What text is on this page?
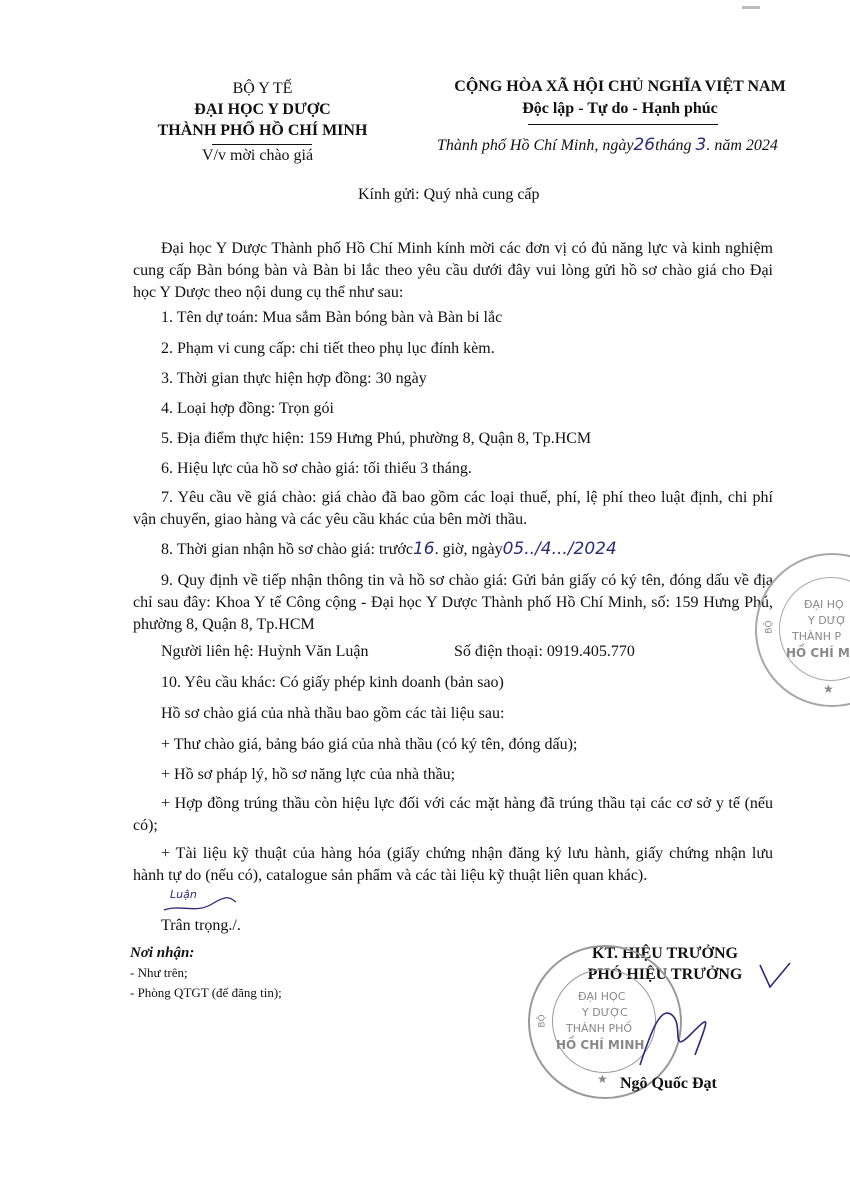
BỘ Y TẾ
ĐẠI HỌC Y DƯỢC
THÀNH PHỐ HỒ CHÍ MINH
V/v mời chào giá
CỘNG HÒA XÃ HỘI CHỦ NGHĨA VIỆT NAM
Độc lập - Tự do - Hạnh phúc
Thành phố Hồ Chí Minh, ngày26tháng 3. năm 2024
Kính gửi: Quý nhà cung cấp
Đại học Y Dược Thành phố Hồ Chí Minh kính mời các đơn vị có đủ năng lực và kinh nghiệm cung cấp Bàn bóng bàn và Bàn bi lắc theo yêu cầu dưới đây vui lòng gửi hồ sơ chào giá cho Đại học Y Dược theo nội dung cụ thể như sau:
1. Tên dự toán: Mua sắm Bàn bóng bàn và Bàn bi lắc
2. Phạm vi cung cấp: chi tiết theo phụ lục đính kèm.
3. Thời gian thực hiện hợp đồng: 30 ngày
4. Loại hợp đồng: Trọn gói
5. Địa điểm thực hiện: 159 Hưng Phú, phường 8, Quận 8, Tp.HCM
6. Hiệu lực của hồ sơ chào giá: tối thiểu 3 tháng.
7. Yêu cầu về giá chào: giá chào đã bao gồm các loại thuế, phí, lệ phí theo luật định, chi phí vận chuyển, giao hàng và các yêu cầu khác của bên mời thầu.
8. Thời gian nhận hồ sơ chào giá: trước16. giờ, ngày05../4.../2024
9. Quy định về tiếp nhận thông tin và hồ sơ chào giá: Gửi bản giấy có ký tên, đóng dấu về địa chỉ sau đây: Khoa Y tế Công cộng - Đại học Y Dược Thành phố Hồ Chí Minh, số: 159 Hưng Phú, phường 8, Quận 8, Tp.HCM
Người liên hệ: Huỳnh Văn Luận	Số điện thoại: 0919.405.770
10. Yêu cầu khác: Có giấy phép kinh doanh (bản sao)
Hồ sơ chào giá của nhà thầu bao gồm các tài liệu sau:
+ Thư chào giá, bảng báo giá của nhà thầu (có ký tên, đóng dấu);
+ Hồ sơ pháp lý, hồ sơ năng lực của nhà thầu;
+ Hợp đồng trúng thầu còn hiệu lực đối với các mặt hàng đã trúng thầu tại các cơ sở y tế (nếu có);
+ Tài liệu kỹ thuật của hàng hóa (giấy chứng nhận đăng ký lưu hành, giấy chứng nhận lưu hành tự do (nếu có), catalogue sản phẩm và các tài liệu kỹ thuật liên quan khác).
Trân trọng./.
Luận
Nơi nhận:
- Như trên;
- Phòng QTGT (để đăng tin);
KT. HIỆU TRƯỞNG
PHÓ HIỆU TRƯỞNG
ĐẠI HỌC
Y DƯỢC
THÀNH PHỐ
HỒ CHÍ MINH
BỘ
★ Ngô Quốc Đạt
ĐẠI HỌ
Y DƯỢ
THÀNH P
HỒ CHÍ M
BỘ
★
